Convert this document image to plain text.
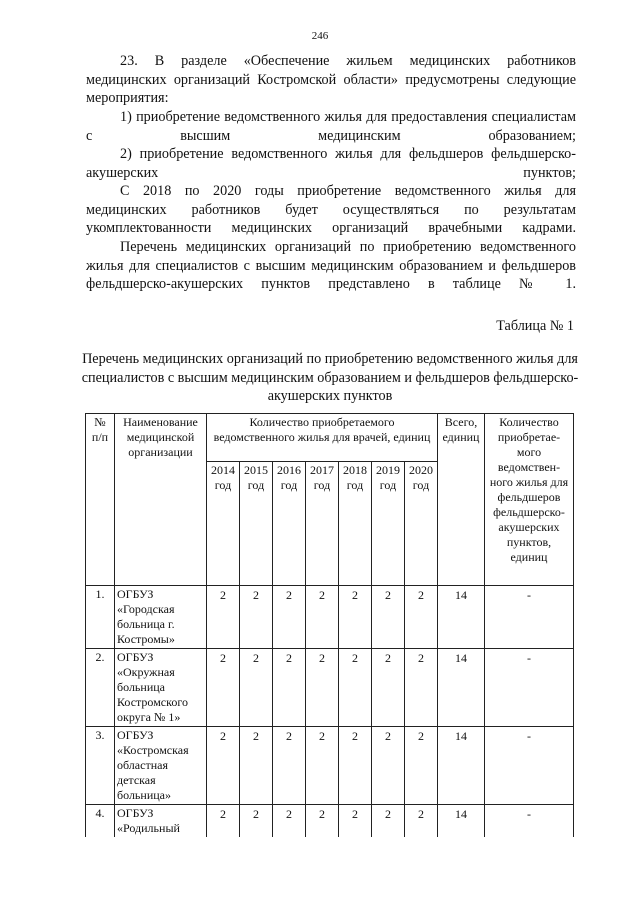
246
23. В разделе «Обеспечение жильем медицинских работников медицинских организаций Костромской области» предусмотрены следующие мероприятия:
1) приобретение ведомственного жилья для предоставления специалистам с высшим медицинским образованием;
2) приобретение ведомственного жилья для фельдшеров фельдшерско-акушерских пунктов;
С 2018 по 2020 годы приобретение ведомственного жилья для медицинских работников будет осуществляться по результатам укомплектованности медицинских организаций врачебными кадрами.
Перечень медицинских организаций по приобретению ведомственного жилья для специалистов с высшим медицинским образованием и фельдшеров фельдшерско-акушерских пунктов представлено в таблице № 1.
Таблица № 1
Перечень медицинских организаций по приобретению ведомственного жилья для специалистов с высшим медицинским образованием и фельдшеров фельдшерско-акушерских пунктов
№ п/п	Наименование медицинской организации	Количество приобретаемого ведомственного жилья для врачей, единиц							Всего, единиц	Количество приобретае-мого ведомствен-ного жилья для фельдшеров фельдшерско-акушерских пунктов, единиц
		2014 год	2015 год	2016 год	2017 год	2018 год	2019 год	2020 год		
1.	ОГБУЗ «Городская больница г. Костромы»	2	2	2	2	2	2	2	14	-
2.	ОГБУЗ «Окружная больница Костромского округа № 1»	2	2	2	2	2	2	2	14	-
3.	ОГБУЗ «Костромская областная детская больница»	2	2	2	2	2	2	2	14	-
4.	ОГБУЗ «Родильный	2	2	2	2	2	2	2	14	-
